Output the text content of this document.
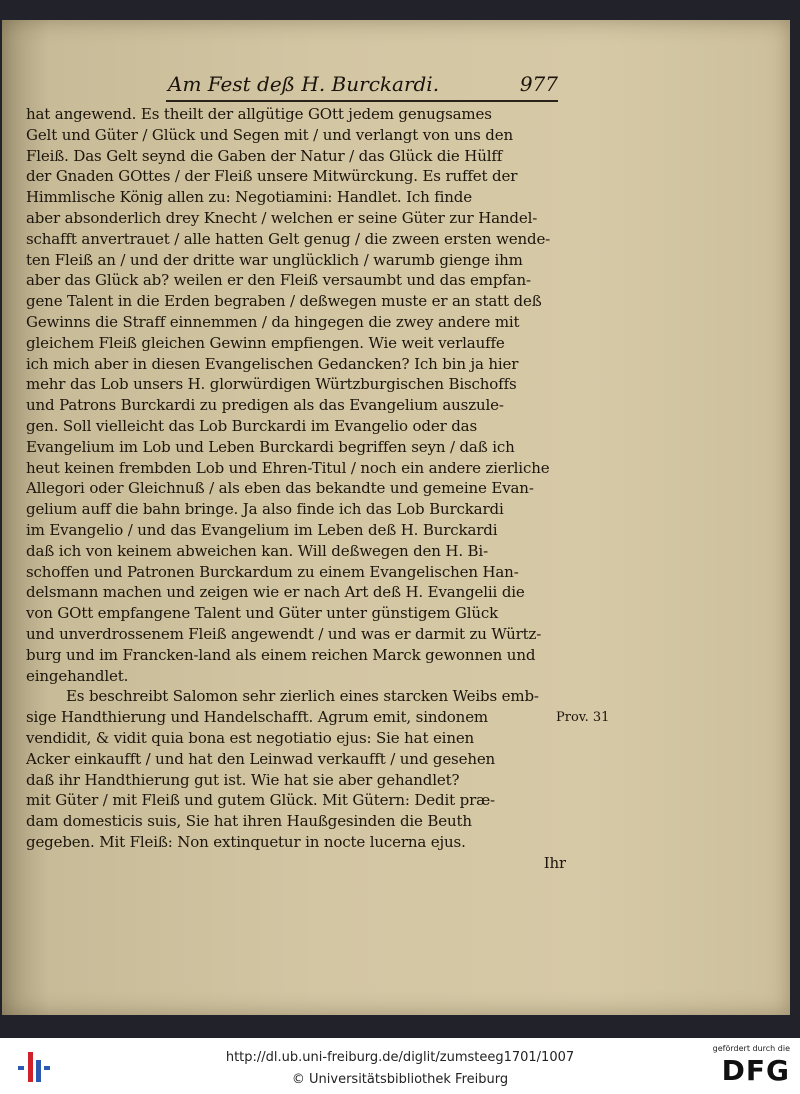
Am Fest deß H. Burckardi.	977
hat angewend. Es theilt der allgütige GOtt jedem genugsames
Gelt und Güter / Glück und Segen mit / und verlangt von uns den
Fleiß. Das Gelt seynd die Gaben der Natur / das Glück die Hülff
der Gnaden GOttes / der Fleiß unsere Mitwürckung. Es ruffet der
Himmlische König allen zu: Negotiamini: Handlet. Ich finde
aber absonderlich drey Knecht / welchen er seine Güter zur Handel-
schafft anvertrauet / alle hatten Gelt genug / die zween ersten wende-
ten Fleiß an / und der dritte war unglücklich / warumb gienge ihm
aber das Glück ab? weilen er den Fleiß versaumbt und das empfan-
gene Talent in die Erden begraben / deßwegen muste er an statt deß
Gewinns die Straff einnemmen / da hingegen die zwey andere mit
gleichem Fleiß gleichen Gewinn empfiengen. Wie weit verlauffe
ich mich aber in diesen Evangelischen Gedancken? Ich bin ja hier
mehr das Lob unsers H. glorwürdigen Würtzburgischen Bischoffs
und Patrons Burckardi zu predigen als das Evangelium auszule-
gen. Soll vielleicht das Lob Burckardi im Evangelio oder das
Evangelium im Lob und Leben Burckardi begriffen seyn / daß ich
heut keinen frembden Lob und Ehren-Titul / noch ein andere zierliche
Allegori oder Gleichnuß / als eben das bekandte und gemeine Evan-
gelium auff die bahn bringe. Ja also finde ich das Lob Burckardi
im Evangelio / und das Evangelium im Leben deß H. Burckardi
daß ich von keinem abweichen kan. Will deßwegen den H. Bi-
schoffen und Patronen Burckardum zu einem Evangelischen Han-
delsmann machen und zeigen wie er nach Art deß H. Evangelii die
von GOtt empfangene Talent und Güter unter günstigem Glück
und unverdrossenem Fleiß angewendt / und was er darmit zu Würtz-
burg und im Francken-land als einem reichen Marck gewonnen und
eingehandlet.
Es beschreibt Salomon sehr zierlich eines starcken Weibs emb-
sige Handthierung und Handelschafft. Agrum emit, sindonem
vendidit, & vidit quia bona est negotiatio ejus: Sie hat einen
Acker einkaufft / und hat den Leinwad verkaufft / und gesehen
daß ihr Handthierung gut ist. Wie hat sie aber gehandlet?
mit Güter / mit Fleiß und gutem Glück. Mit Gütern: Dedit præ-
dam domesticis suis, Sie hat ihren Haußgesinden die Beuth
gegeben. Mit Fleiß: Non extinquetur in nocte lucerna ejus.
Ihr
Prov. 31
http://dl.ub.uni-freiburg.de/diglit/zumsteeg1701/1007
© Universitätsbibliothek Freiburg
gefördert durch die
DFG
